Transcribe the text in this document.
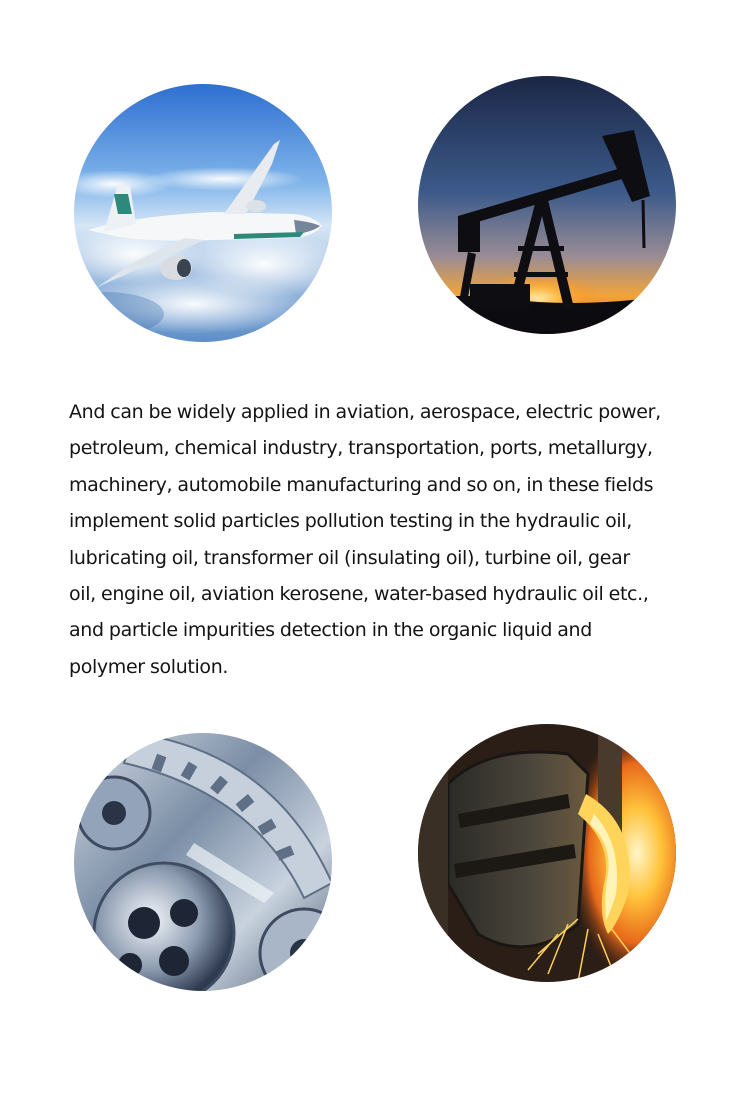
And can be widely applied in aviation, aerospace, electric power,
petroleum, chemical industry, transportation, ports, metallurgy,
machinery, automobile manufacturing and so on, in these fields
implement solid particles pollution testing in the hydraulic oil,
lubricating oil, transformer oil (insulating oil), turbine oil, gear
oil, engine oil, aviation kerosene, water-based hydraulic oil etc.,
and particle impurities detection in the organic liquid and
polymer solution.
